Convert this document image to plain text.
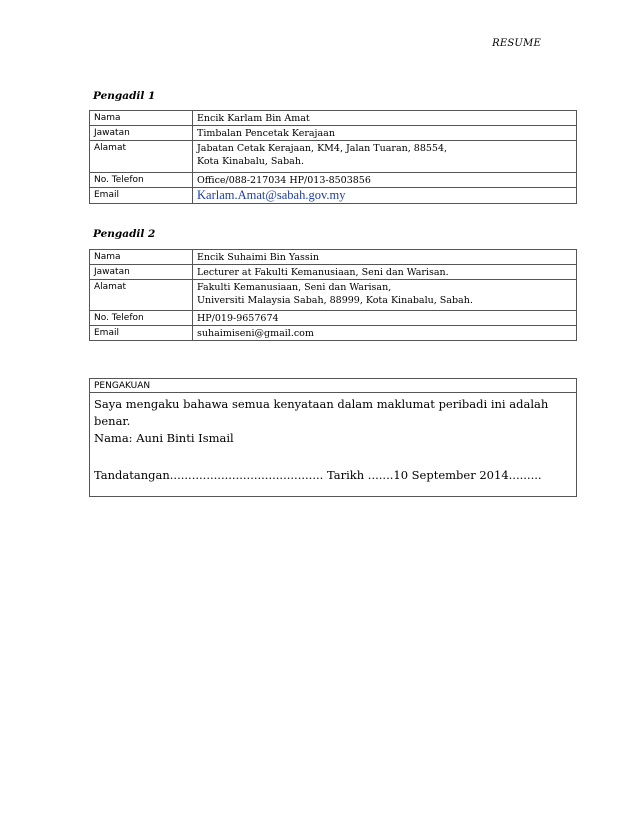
RESUME
Pengadil 1
Nama	Encik Karlam Bin Amat
Jawatan	Timbalan Pencetak Kerajaan
Alamat	Jabatan Cetak Kerajaan, KM4, Jalan Tuaran, 88554,
Kota Kinabalu, Sabah.

No. Telefon	Office/088-217034 HP/013-8503856
Email	Karlam.Amat@sabah.gov.my
Pengadil 2
Nama	Encik Suhaimi Bin Yassin
Jawatan	Lecturer at Fakulti Kemanusiaan, Seni dan Warisan.
Alamat	Fakulti Kemanusiaan, Seni dan Warisan,
Universiti Malaysia Sabah, 88999, Kota Kinabalu, Sabah.

No. Telefon	HP/019-9657674
Email	suhaimiseni@gmail.com
PENGAKUAN
Saya mengaku bahawa semua kenyataan dalam maklumat peribadi ini adalah benar.
Nama: Auni Binti Ismail
Tandatangan.......................................... Tarikh .......10 September 2014.........
